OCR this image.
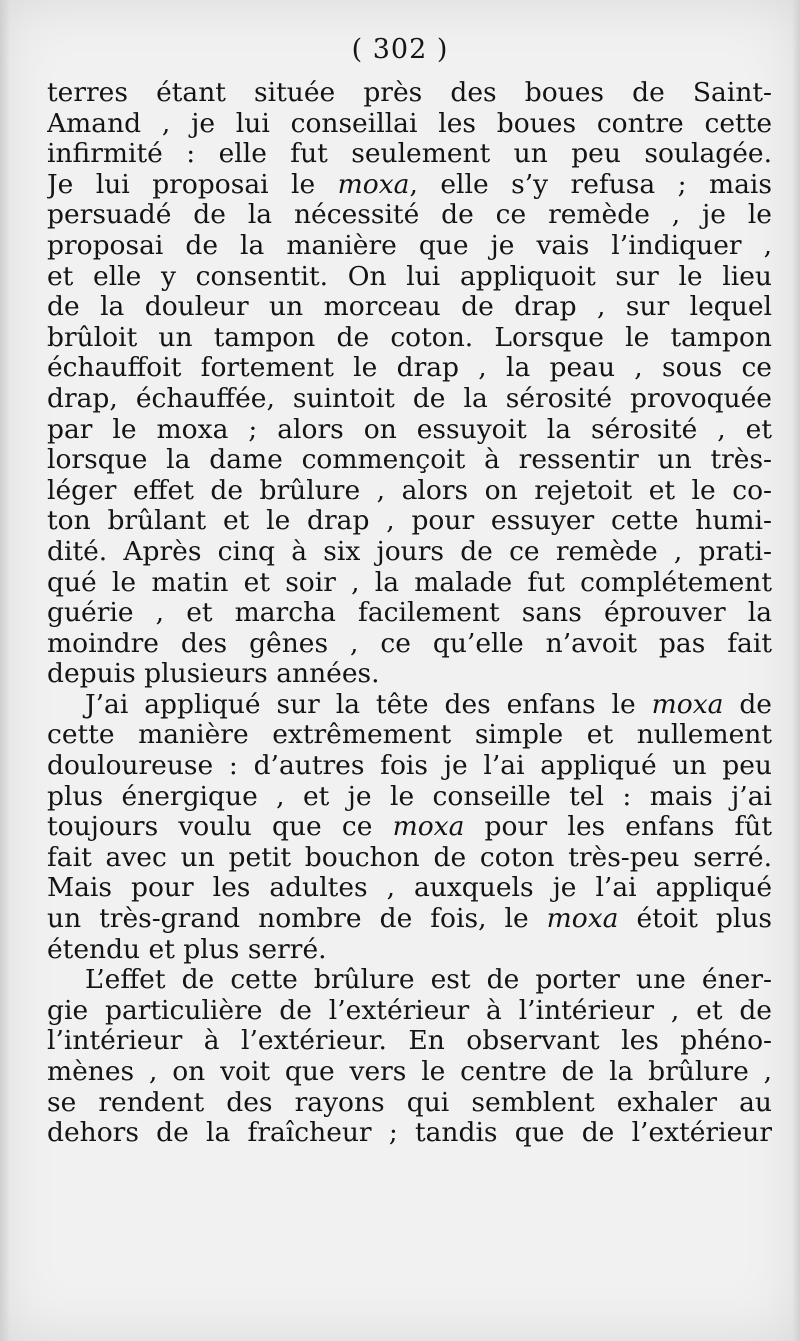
( 302 )
terres étant située près des boues de Saint-
Amand , je lui conseillai les boues contre cette
infirmité : elle fut seulement un peu soulagée.
Je lui proposai le moxa, elle s’y refusa ; mais
persuadé de la nécessité de ce remède , je le
proposai de la manière que je vais l’indiquer ,
et elle y consentit. On lui appliquoit sur le lieu
de la douleur un morceau de drap , sur lequel
brûloit un tampon de coton. Lorsque le tampon
échauffoit fortement le drap , la peau , sous ce
drap, échauffée, suintoit de la sérosité provoquée
par le moxa ; alors on essuyoit la sérosité , et
lorsque la dame commençoit à ressentir un très-
léger effet de brûlure , alors on rejetoit et le co-
ton brûlant et le drap , pour essuyer cette humi-
dité. Après cinq à six jours de ce remède , prati-
qué le matin et soir , la malade fut complétement
guérie , et marcha facilement sans éprouver la
moindre des gênes , ce qu’elle n’avoit pas fait
depuis plusieurs années.
J’ai appliqué sur la tête des enfans le moxa de
cette manière extrêmement simple et nullement
douloureuse : d’autres fois je l’ai appliqué un peu
plus énergique , et je le conseille tel : mais j’ai
toujours voulu que ce moxa pour les enfans fût
fait avec un petit bouchon de coton très-peu serré.
Mais pour les adultes , auxquels je l’ai appliqué
un très-grand nombre de fois, le moxa étoit plus
étendu et plus serré.
L’effet de cette brûlure est de porter une éner-
gie particulière de l’extérieur à l’intérieur , et de
l’intérieur à l’extérieur. En observant les phéno-
mènes , on voit que vers le centre de la brûlure ,
se rendent des rayons qui semblent exhaler au
dehors de la fraîcheur ; tandis que de l’extérieur
